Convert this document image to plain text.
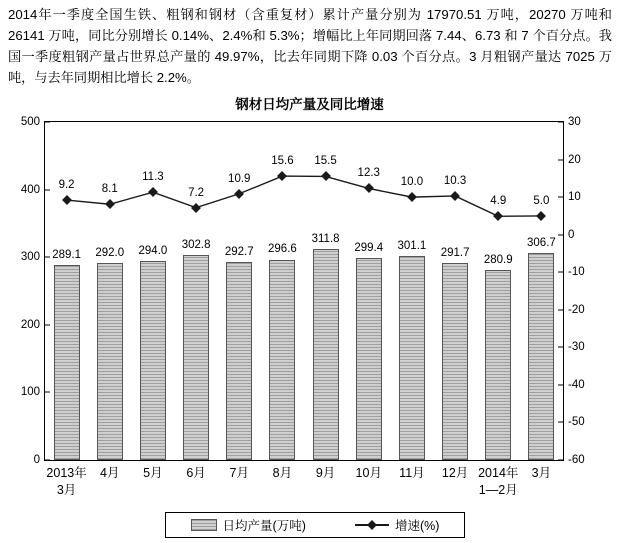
2014年一季度全国生铁、粗钢和钢材（含重复材）累计产量分别为 17970.51 万吨，20270 万吨和 26141 万吨，同比分别增长 0.14%、2.4%和 5.3%；增幅比上年同期回落 7.44、6.73 和 7 个百分点。我国一季度粗钢产量占世界总产量的 49.97%，比去年同期下降 0.03 个百分点。3 月粗钢产量达 7025 万吨，与去年同期相比增长 2.2%。
钢材日均产量及同比增速
0
100
200
300
400
500	30
20
10
0
-10
-20
-30
-40
-50
-60
289.1
9.2
2013年
3月
292.0
8.1
4月
294.0
11.3
5月
302.8
7.2
6月
292.7
10.9
7月
296.6
15.6
8月
311.8
15.5
9月
299.4
12.3
10月
301.1
10.0
11月
291.7
10.3
12月
280.9
4.9
2014年
1—2月
306.7
5.0
3月
日均产量(万吨)	增速(%)
